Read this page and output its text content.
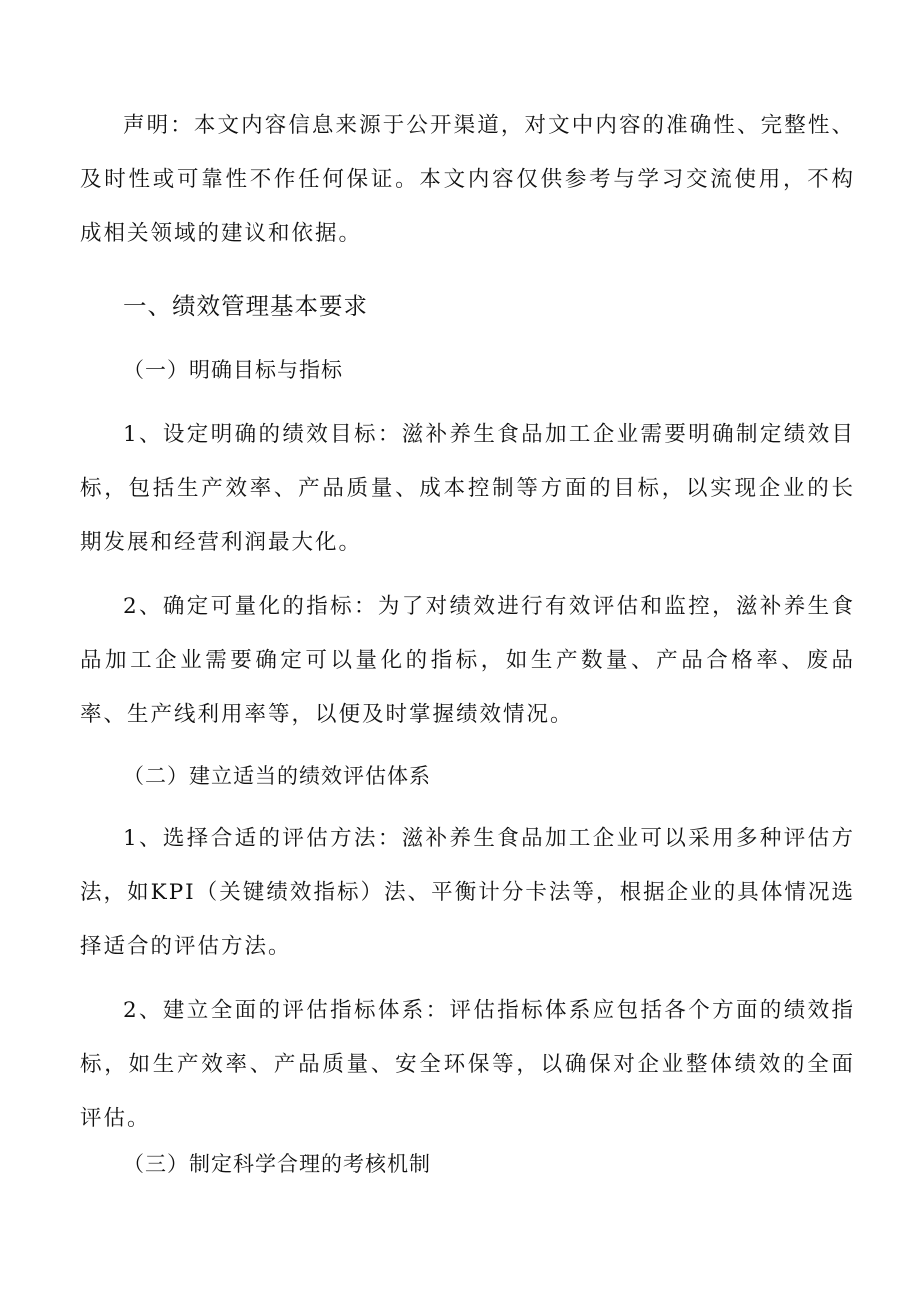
声明：本文内容信息来源于公开渠道，对文中内容的准确性、完整性、及时性或可靠性不作任何保证。本文内容仅供参考与学习交流使用，不构成相关领域的建议和依据。

一、绩效管理基本要求
（一）明确目标与指标

1、设定明确的绩效目标：滋补养生食品加工企业需要明确制定绩效目标，包括生产效率、产品质量、成本控制等方面的目标，以实现企业的长期发展和经营利润最大化。

2、确定可量化的指标：为了对绩效进行有效评估和监控，滋补养生食品加工企业需要确定可以量化的指标，如生产数量、产品合格率、废品率、生产线利用率等，以便及时掌握绩效情况。

（二）建立适当的绩效评估体系

1、选择合适的评估方法：滋补养生食品加工企业可以采用多种评估方法，如KPI（关键绩效指标）法、平衡计分卡法等，根据企业的具体情况选择适合的评估方法。

2、建立全面的评估指标体系：评估指标体系应包括各个方面的绩效指标，如生产效率、产品质量、安全环保等，以确保对企业整体绩效的全面评估。

（三）制定科学合理的考核机制
